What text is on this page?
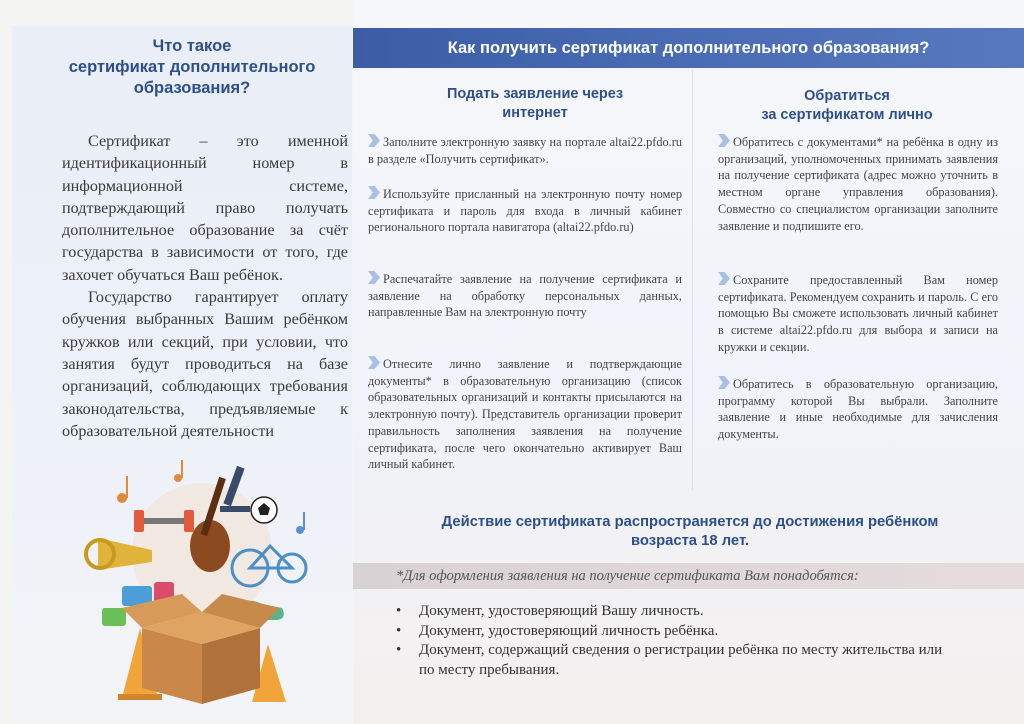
Что такое
сертификат дополнительного
образования?

Сертификат – это именной идентификационный номер в информационной системе, подтверждающий право получать дополнительное образование за счёт государства в зависимости от того, где захочет обучаться Ваш ребёнок.

Государство гарантирует оплату обучения выбранных Вашим ребёнком кружков или секций, при условии, что занятия будут проводиться на базе организаций, соблюдающих требования законодательства, предъявляемые к образовательной деятельности

Как получить сертификат дополнительного образования?
Подать заявление через
интернет
Заполните электронную заявку на портале altai22.pfdo.ru в разделе «Получить сертификат».
Используйте присланный на электронную почту номер сертификата и пароль для входа в личный кабинет регионального портала навигатора (altai22.pfdo.ru)
Распечатайте заявление на получение сертификата и заявление на обработку персональных данных, направленные Вам на электронную почту
Отнесите лично заявление и подтверждающие документы* в образовательную организацию (список образовательных организаций и контакты присылаются на электронную почту). Представитель организации проверит правильность заполнения заявления на получение сертификата, после чего окончательно активирует Ваш личный кабинет.
Обратиться
за сертификатом лично
Обратитесь с документами* на ребёнка в одну из организаций, уполномоченных принимать заявления на получение сертификата (адрес можно уточнить в местном органе управления образования). Совместно со специалистом организации заполните заявление и подпишите его.
Сохраните предоставленный Вам номер сертификата. Рекомендуем сохранить и пароль. С его помощью Вы сможете использовать личный кабинет в системе altai22.pfdo.ru для выбора и записи на кружки и секции.
Обратитесь в образовательную организацию, программу которой Вы выбрали. Заполните заявление и иные необходимые для зачисления документы.
Действие сертификата распространяется до достижения ребёнком
возраста 18 лет.
*Для оформления заявления на получение сертификата Вам понадобятся:
• Документ, удостоверяющий Вашу личность.
• Документ, удостоверяющий личность ребёнка.
• Документ, содержащий сведения о регистрации ребёнка по месту жительства или по месту пребывания.
